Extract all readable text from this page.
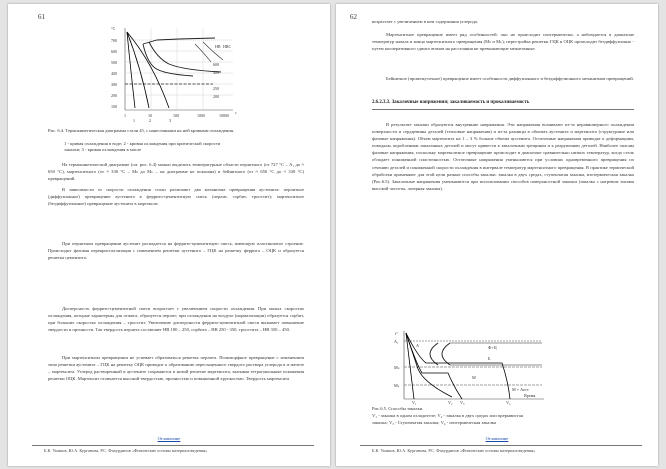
61
°C
700
600
500
400
300
200
100
1	10	100	1000	10000
с
1	2	3
HB HRC
600
400
250
200
Рис. 6.4. Термокинетическая диаграмма стали 45, с нанесенными на ней кривыми охлаждения.
1 - кривая охлаждения в воде; 2 - кривая охлаждения при критической скорости
закалки; 3 - кривая охлаждения в масле
На термокинетической диаграмме (см. рис. 6.4) можно выделить температурные области перлитного (от 727 °С – А₁ до ≈ 650 °С), мартенситного (от ≈ 330 °С – Мₙ до Мₖ – на диаграмме не показана) и бейнитного (от ≈ 650 °С до ≈ 330 °С) превращений.
В зависимости от скорости охлаждения стали различают два механизма превращения аустенита: перлитное (диффузионное) превращение аустенита в феррито-цементитную смесь (перлит, сорбит, троостит); мартенситное (бездиффузионное) превращение аустенита в мартенсит.
При перлитном превращении аустенит распадается на феррито-цементитную смесь, имеющую пластинчатое строение. Происходит фазовая перекристаллизация с изменением решетки аустенита – ГЦК на решетку феррита – ОЦК и образуется решетка цементита.
Дисперсность феррито-цементитной смеси возрастает с увеличением скорости охлаждения. При малых скоростях охлаждения, которые характерны для отжига, образуется перлит; при охлаждении на воздухе (нормализации) образуется сорбит, при больших скоростях охлаждения – троостит. Увеличение дисперсности феррито-цементитной смеси вызывает повышение твердости и прочности. Так твердость перлита составляет НВ 180 – 250, сорбита – НВ 250 - 350, троостита – НВ 350 – 450.
При мартенситном превращении не успевает образоваться решетка перлита. Полиморфное превращение с изменением типа решетки аустенита – ГЦК на решетку ОЦК приводит к образованию пересыщенного твердого раствора углерода в α-железе – мартенсита. Углерод растворенный в аустените сохраняется в новой решетке мартенсита, вызывая тетрагональные искажения решетки ОЦК. Мартенсит отличается высокой твердостью, прочностью и повышенной хрупкостью. Твердость мартенсита
Оглавление
Б.К. Ушаков, Ю.А. Курганова, Р.С. Фахурдинов «Физические основы материаловедения»
62
возрастает с увеличением в нем содержания углерода.
Мартенситное превращение имеет ряд особенностей: оно не происходит изотермически, а наблюдается в диапазоне температур начала и конца мартенситного превращения (Мₙ и Мₖ); перестройка решетки ГЦК в ОЦК происходит бездиффузионно - путем кооперативного сдвига атомов на расстояния не превышающие межатомные.
Бейнитное (промежуточное) превращение имеет особенности диффузионного и бездиффузионного механизмов превращений.
2.6.2.3.3. Закалочные напряжения; закаливаемость и прокаливаемость
В результате закалки образуются внутренние напряжения. Эти напряжения возникают из-за неравномерного охлаждения поверхности и сердцевины деталей (тепловые напряжения) и из-за разницы в объемах аустенита и мартенсита (структурные или фазовые напряжения). Объем мартенсита на 1 – 3 % больше объема аустенита. Остаточные напряжения приводят к деформациям, поводкам, короблениям закаленных деталей и могут привести к закалочным трещинам и к разрушению деталей. Наиболее опасны фазовые напряжения, поскольку мартенситное превращение происходит в диапазоне сравнительно низких температур, когда сталь обладает пониженной пластичностью. Остаточные напряжения уменьшаются при условиях одновременного превращения по сечению деталей и пониженной скорости охлаждения в интервале температур мартенситного превращения. В практике термической обработки применяют для этой цели разные способы закалки: закалка в двух средах, ступенчатая закалка, изотермическая закалка (Рис.6.5). Закалочные напряжения уменьшаются при использовании способов поверхностной закалки (закалка с нагревом токами высокой частоты, лазерная закалка).
t°
A₁
Mₙ
Mₖ
V₁	V₂ V₃	V₄
A	Ф+Ц
Б
М
М + Аост
Время
Рис.6.5. Способы закалки.
V₁ - закалка в одном охладителе; V₂ - закалка в двух средах или прерывистая
закалка; V₃ - Ступенчатая закалка; V₄ - изотермическая закалка
Оглавление
Б.К. Ушаков, Ю.А. Курганова, Р.С. Фахурдинов «Физические основы материаловедения»
